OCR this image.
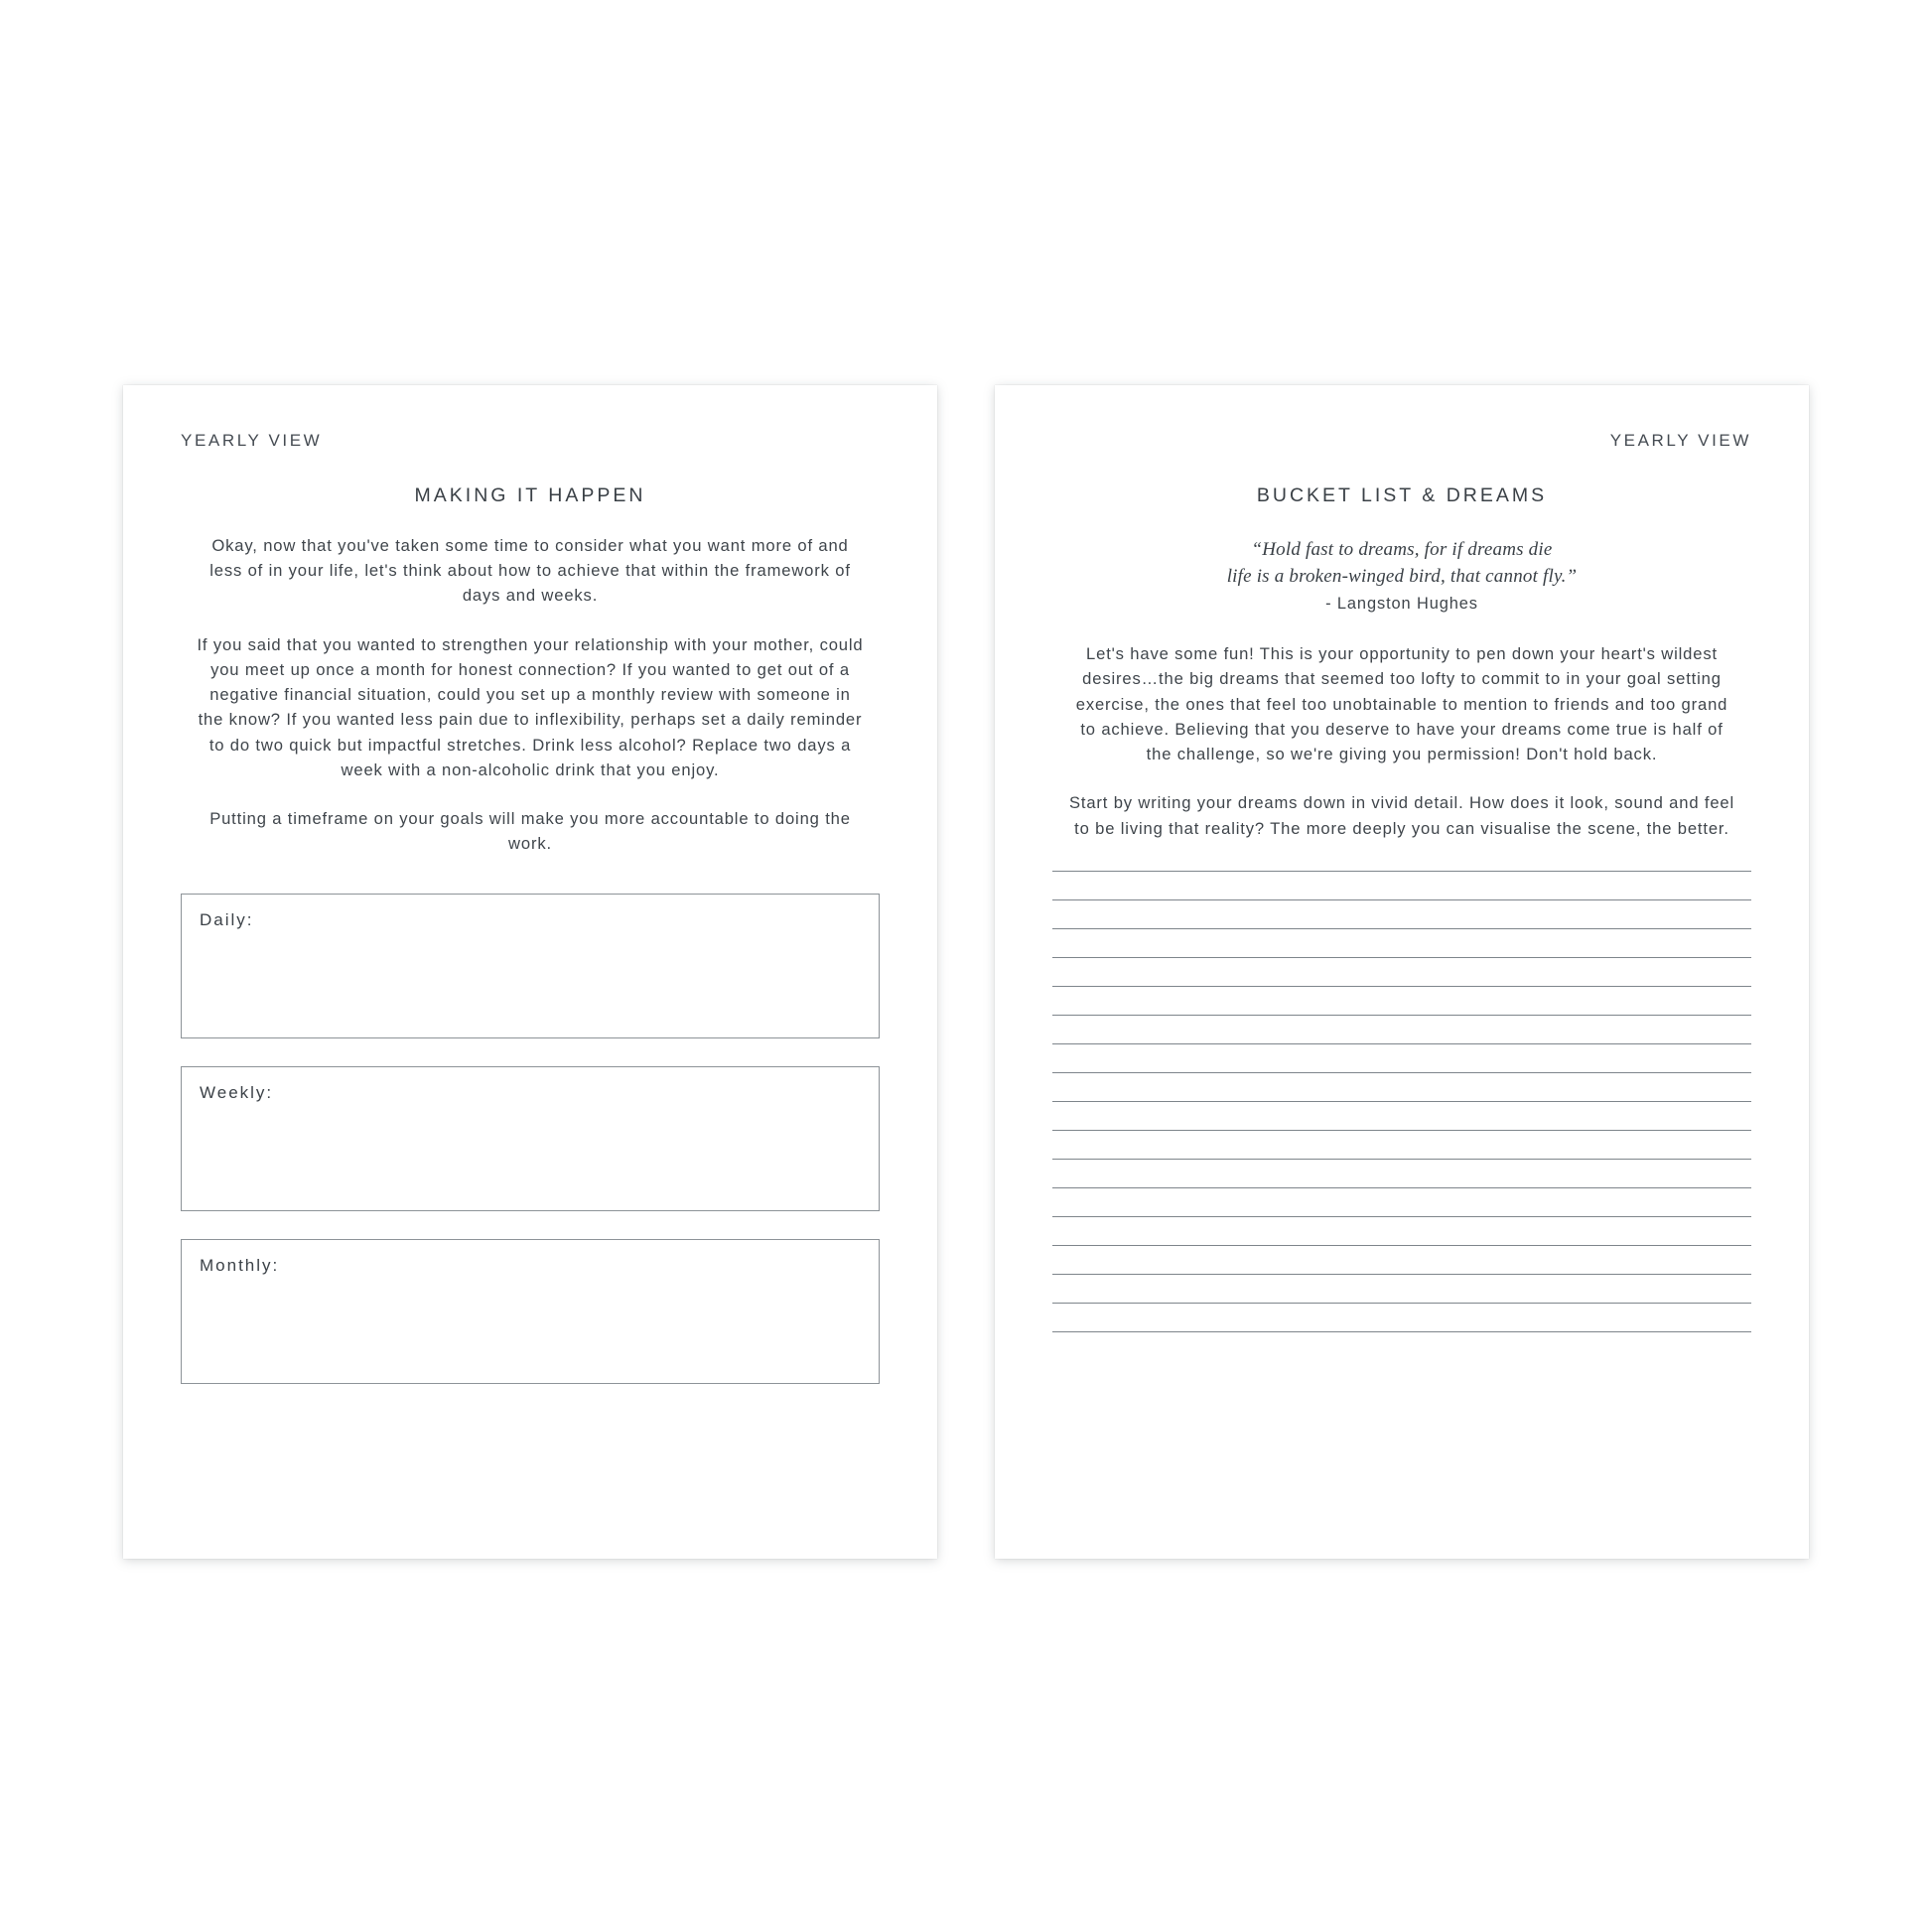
YEARLY VIEW
MAKING IT HAPPEN
Okay, now that you've taken some time to consider what you want more of and less of in your life, let's think about how to achieve that within the framework of days and weeks.
If you said that you wanted to strengthen your relationship with your mother, could you meet up once a month for honest connection? If you wanted to get out of a negative financial situation, could you set up a monthly review with someone in the know? If you wanted less pain due to inflexibility, perhaps set a daily reminder to do two quick but impactful stretches. Drink less alcohol? Replace two days a week with a non-alcoholic drink that you enjoy.
Putting a timeframe on your goals will make you more accountable to doing the work.
Daily:
Weekly:
Monthly:
YEARLY VIEW
BUCKET LIST & DREAMS
“Hold fast to dreams, for if dreams die
life is a broken-winged bird, that cannot fly.”
- Langston Hughes
Let's have some fun! This is your opportunity to pen down your heart's wildest desires…the big dreams that seemed too lofty to commit to in your goal setting exercise, the ones that feel too unobtainable to mention to friends and too grand to achieve. Believing that you deserve to have your dreams come true is half of the challenge, so we're giving you permission! Don't hold back.
Start by writing your dreams down in vivid detail. How does it look, sound and feel to be living that reality? The more deeply you can visualise the scene, the better.
